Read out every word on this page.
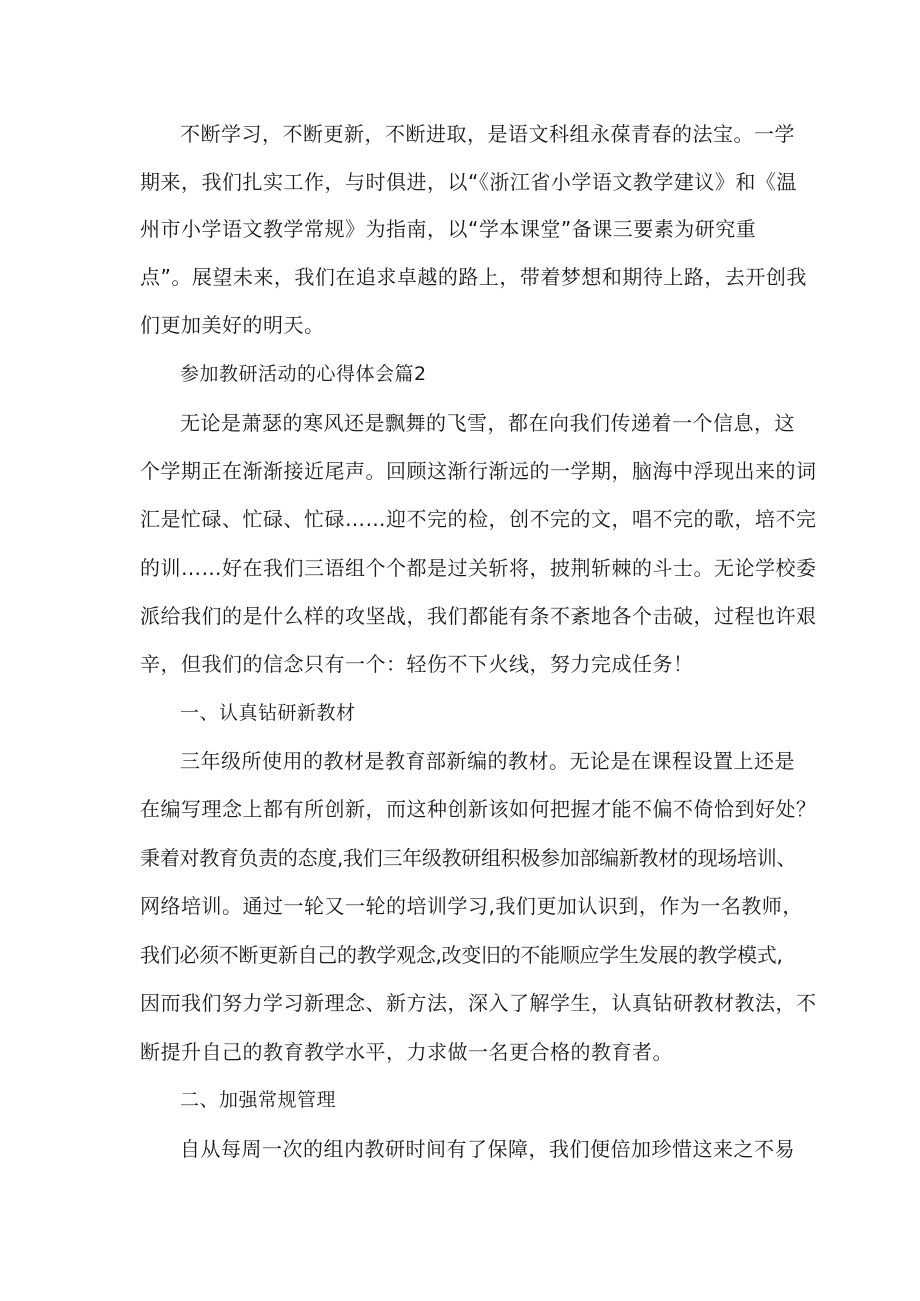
不断学习，不断更新，不断进取，是语文科组永葆青春的法宝。一学
期来，我们扎实工作，与时俱进，以“《浙江省小学语文教学建议》和《温
州市小学语文教学常规》为指南，以“学本课堂”备课三要素为研究重
点”。展望未来，我们在追求卓越的路上，带着梦想和期待上路，去开创我
们更加美好的明天。
参加教研活动的心得体会篇2
无论是萧瑟的寒风还是飘舞的飞雪，都在向我们传递着一个信息，这
个学期正在渐渐接近尾声。回顾这渐行渐远的一学期，脑海中浮现出来的词
汇是忙碌、忙碌、忙碌……迎不完的检，创不完的文，唱不完的歌，培不完
的训……好在我们三语组个个都是过关斩将，披荆斩棘的斗士。无论学校委
派给我们的是什么样的攻坚战，我们都能有条不紊地各个击破，过程也许艰
辛，但我们的信念只有一个：轻伤不下火线，努力完成任务！
一、认真钻研新教材
三年级所使用的教材是教育部新编的教材。无论是在课程设置上还是
在编写理念上都有所创新，而这种创新该如何把握才能不偏不倚恰到好处？
秉着对教育负责的态度,我们三年级教研组积极参加部编新教材的现场培训、
网络培训。通过一轮又一轮的培训学习,我们更加认识到，作为一名教师，
我们必须不断更新自己的教学观念,改变旧的不能顺应学生发展的教学模式,
因而我们努力学习新理念、新方法，深入了解学生，认真钻研教材教法，不
断提升自己的教育教学水平，力求做一名更合格的教育者。
二、加强常规管理
自从每周一次的组内教研时间有了保障，我们便倍加珍惜这来之不易
